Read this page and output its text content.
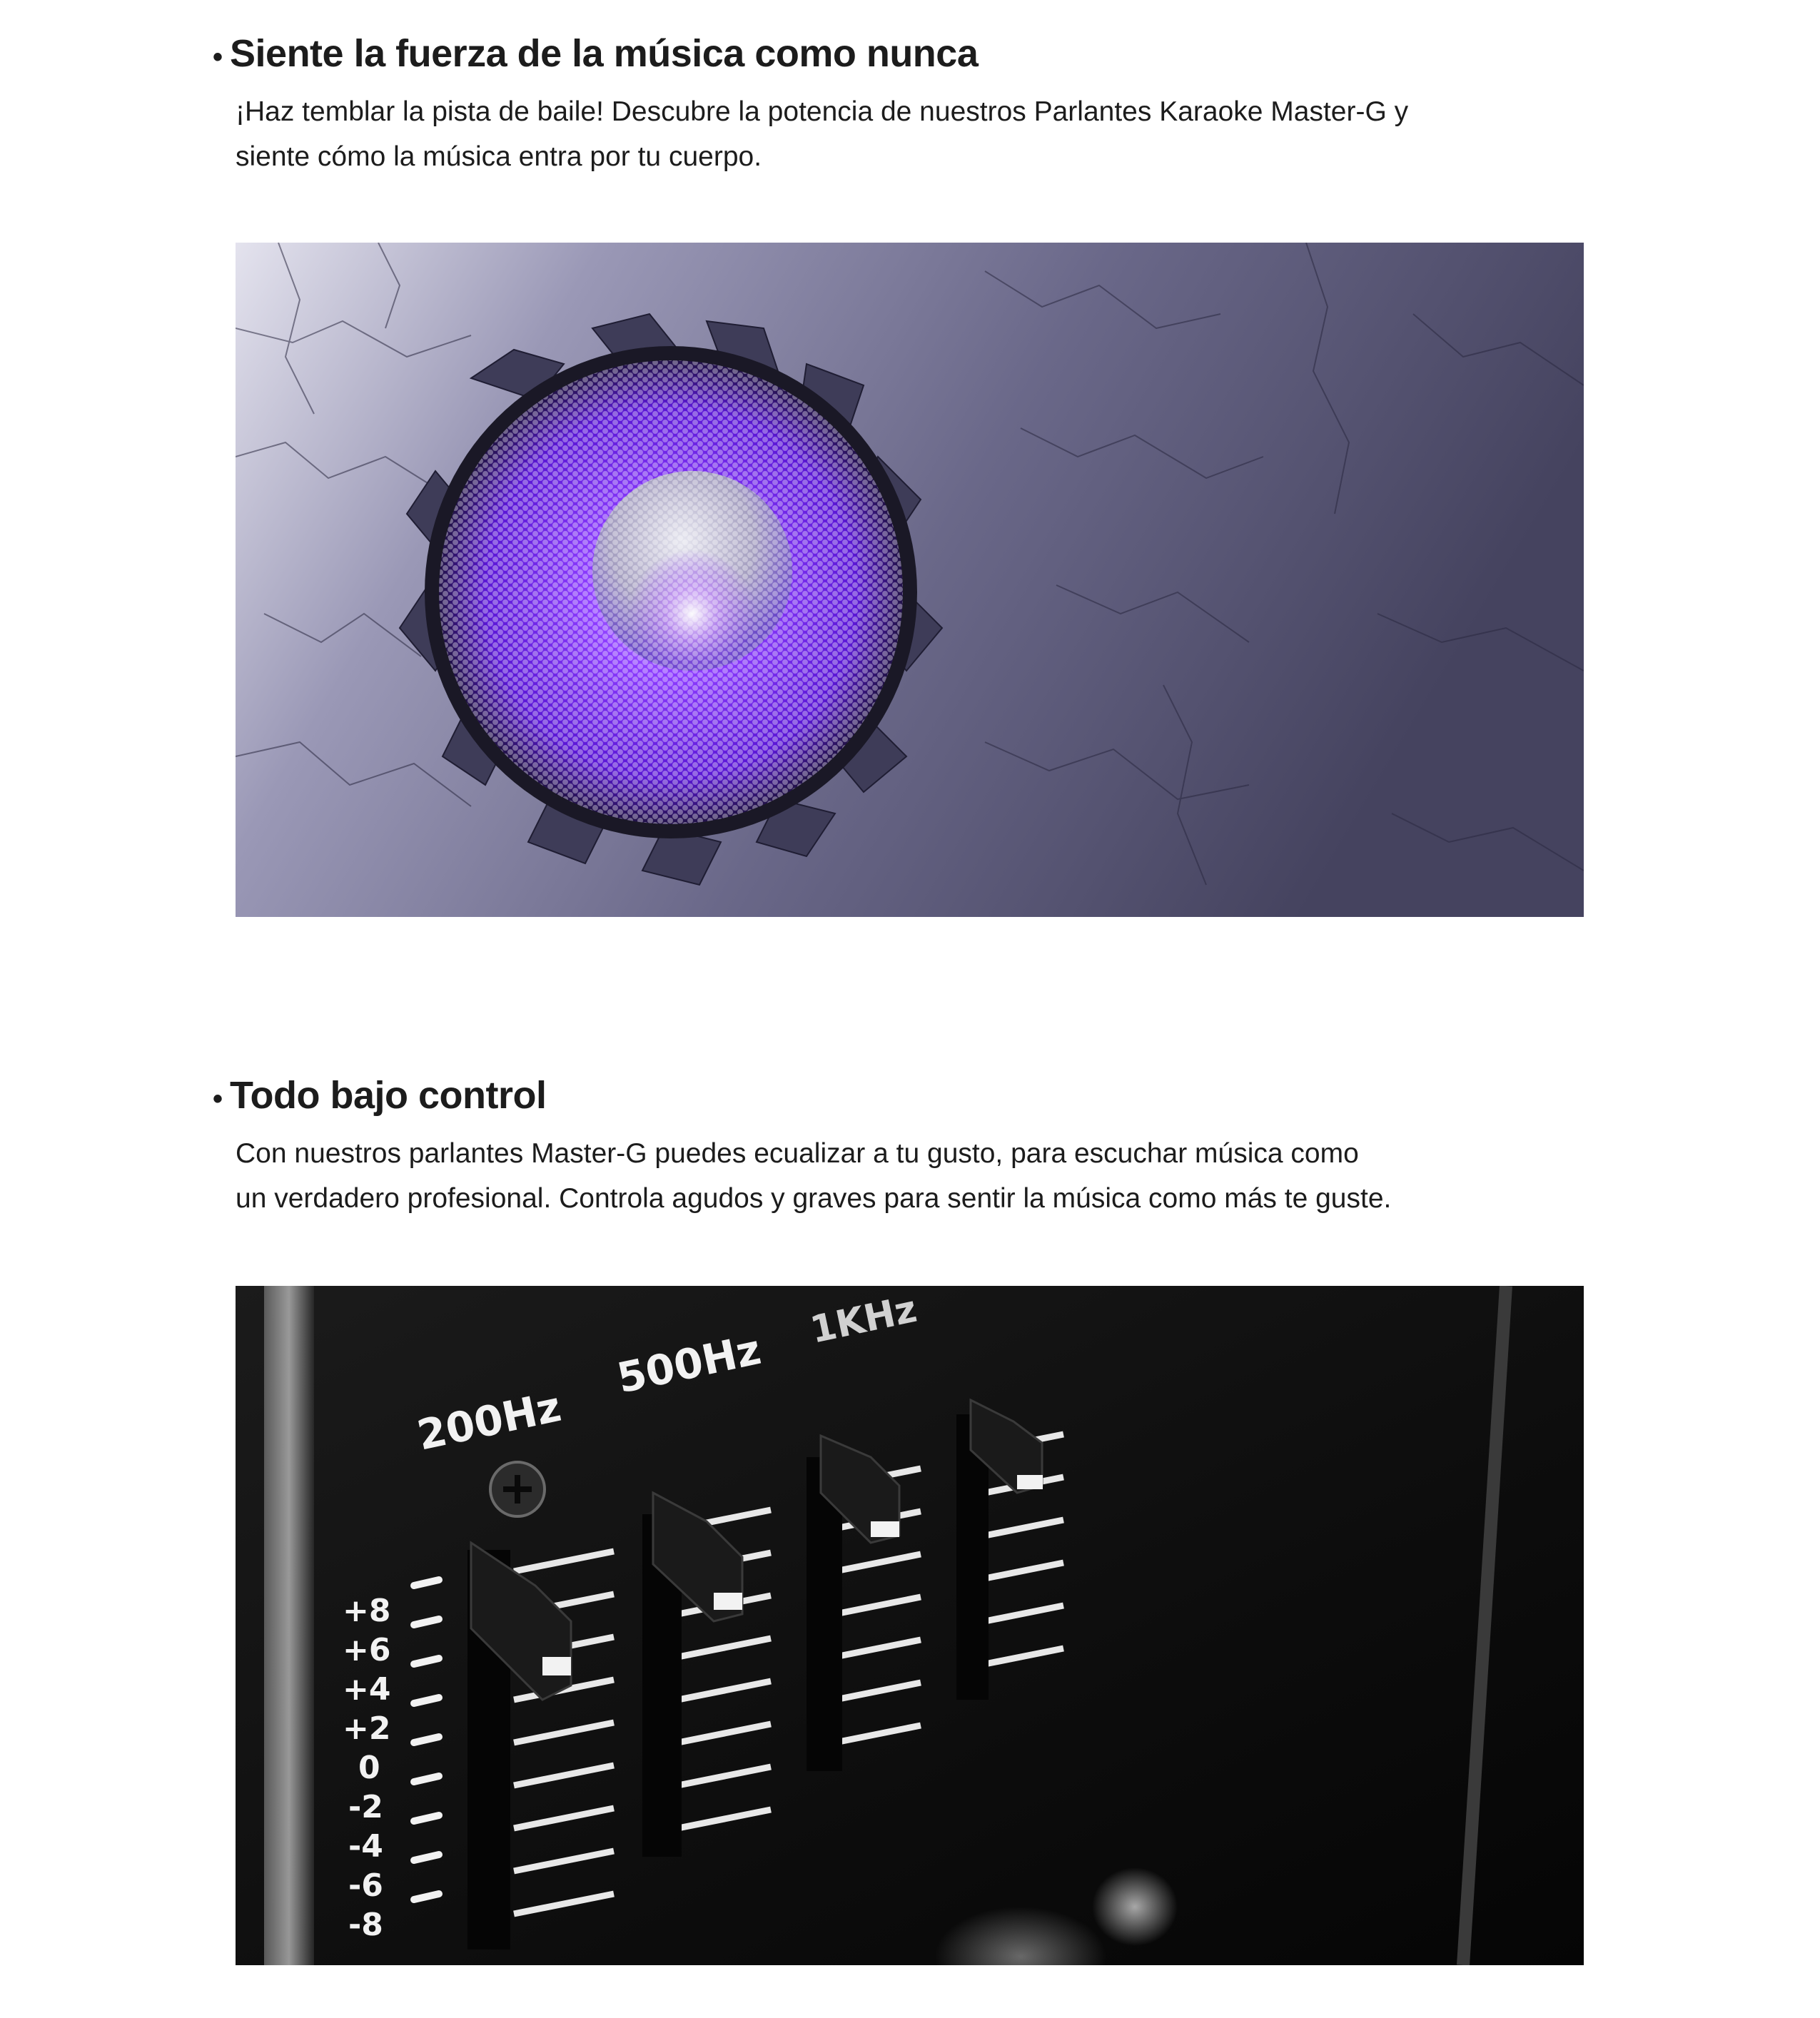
• Siente la fuerza de la música como nunca

¡Haz temblar la pista de baile! Descubre la potencia de nuestros Parlantes Karaoke Master-G y
siente cómo la música entra por tu cuerpo.

• Todo bajo control

Con nuestros parlantes Master-G puedes ecualizar a tu gusto, para escuchar música como
un verdadero profesional. Controla agudos y graves para sentir la música como más te guste.

200Hz
500Hz
1KHz
+8
+6
+4
+2
0
-2
-4
-6
-8
